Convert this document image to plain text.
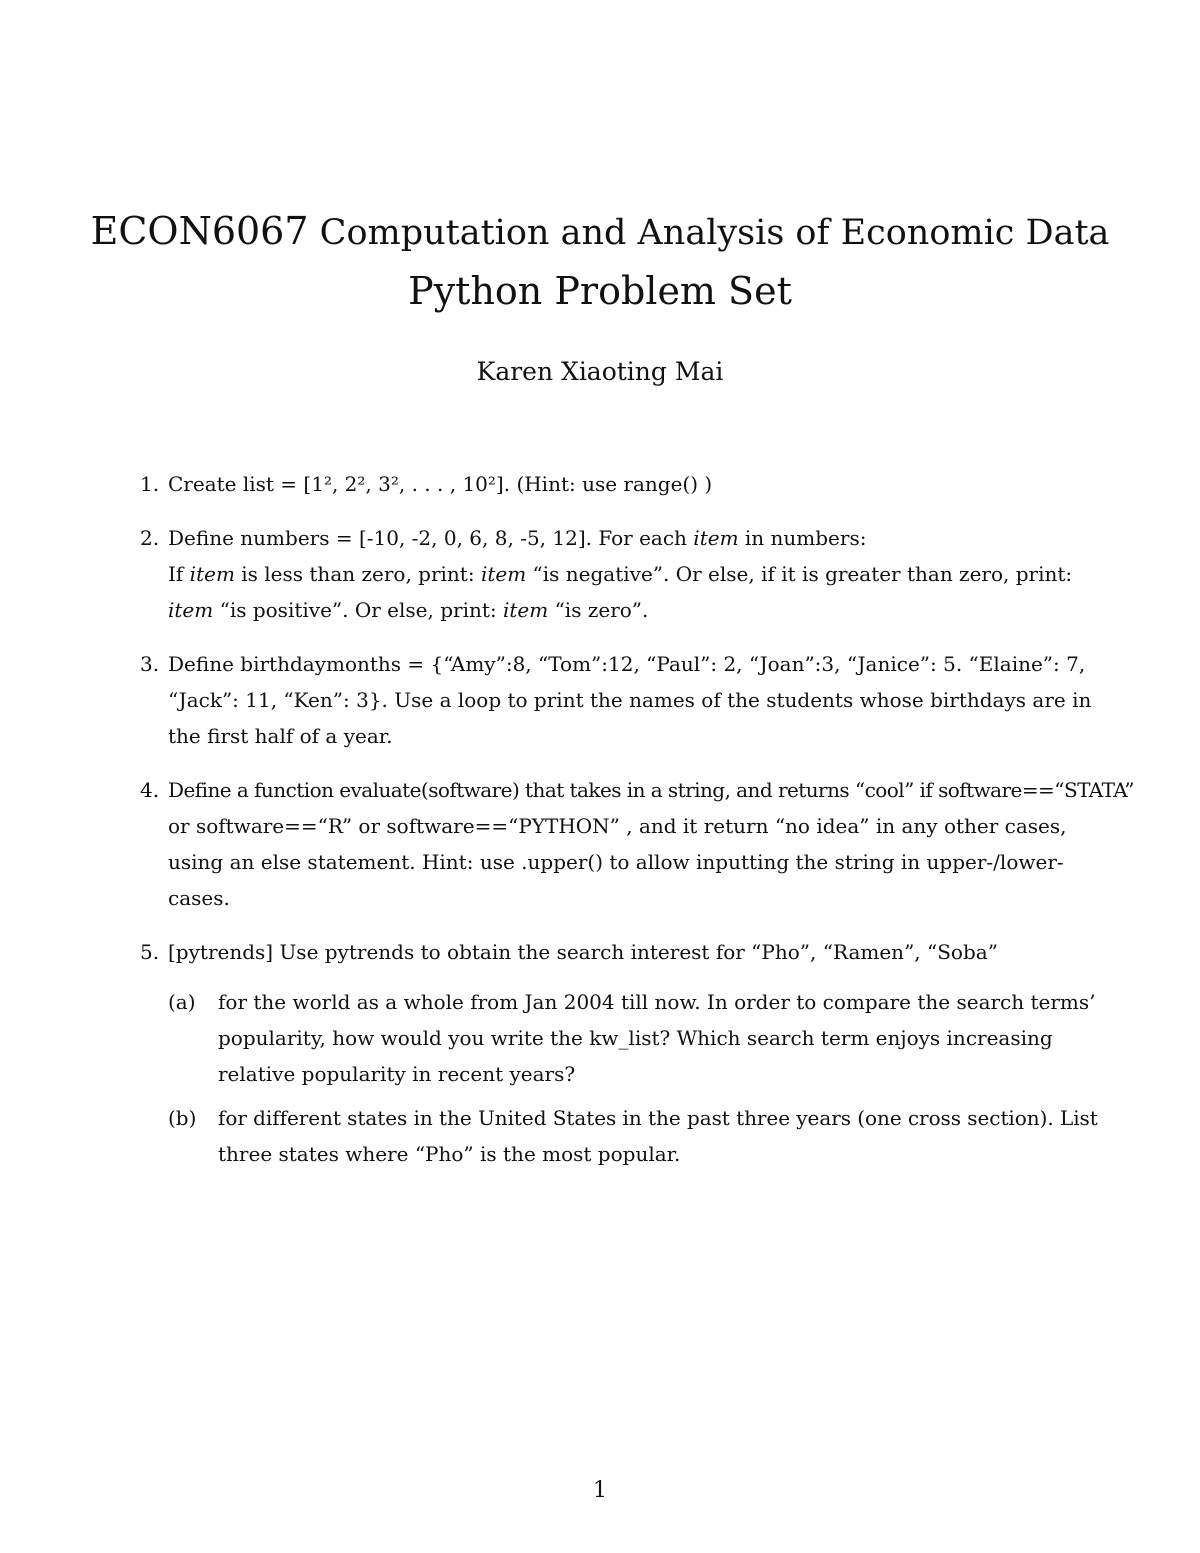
ECON6067 Computation and Analysis of Economic Data
Python Problem Set
Karen Xiaoting Mai
1. Create list = [1², 2², 3², . . . , 10²]. (Hint: use range() )
2. Define numbers = [-10, -2, 0, 6, 8, -5, 12]. For each item in numbers:
If item is less than zero, print: item “is negative”. Or else, if it is greater than zero, print:
item “is positive”. Or else, print: item “is zero”.
3. Define birthdaymonths = {“Amy”:8, “Tom”:12, “Paul”: 2, “Joan”:3, “Janice”: 5. “Elaine”: 7,
“Jack”: 11, “Ken”: 3}. Use a loop to print the names of the students whose birthdays are in
the first half of a year.
4. Define a function evaluate(software) that takes in a string, and returns “cool” if software==“STATA”
or software==“R” or software==“PYTHON” , and it return “no idea” in any other cases,
using an else statement. Hint: use .upper() to allow inputting the string in upper-/lower-
cases.
5. [pytrends] Use pytrends to obtain the search interest for “Pho”, “Ramen”, “Soba”
(a) for the world as a whole from Jan 2004 till now. In order to compare the search terms’
popularity, how would you write the kw_list? Which search term enjoys increasing
relative popularity in recent years?
(b) for different states in the United States in the past three years (one cross section). List
three states where “Pho” is the most popular.
1
